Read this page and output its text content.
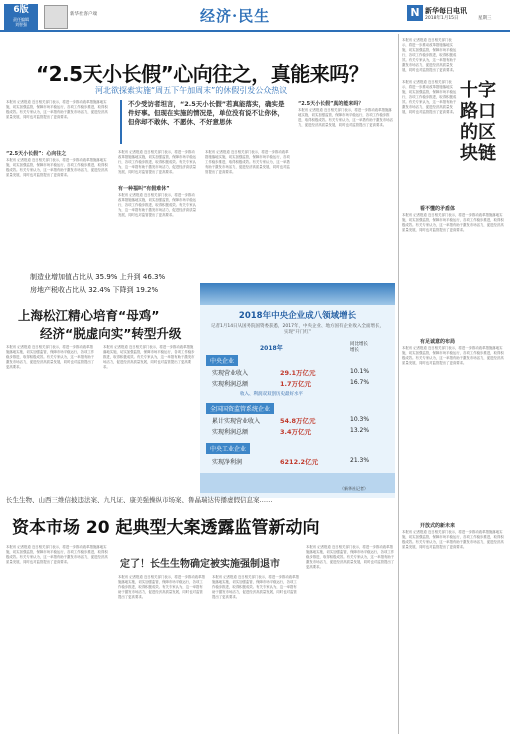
6版
责任编辑
刘智强
新华社客户端	经济·民生	N 新华每日电讯
2018年1月15日	星期三
“2.5天小长假”心向往之，真能来吗？
河北欲探索实施“周五下午加周末”的休假引发公众热议
不少受访者坦言，“2.5天小长假”若真能落实，确实是件好事。但现在实施的情况是，单位没有说不让你休，但你却不敢休、不愿休、不好意思休
本报讯 记者报道 近日相关部门表示，将进一步推动改革措施落地实施，切实加强监管，保障市场平稳运行，各项工作稳步推进，取得积极成效。有关专家认为，这一举措有助于激发市场活力，促进经济高质量发展，同时也对监管提出了更高要求。
“2.5天小长假”：心向往之
本报讯 记者报道 近日相关部门表示，将进一步推动改革措施落地实施，切实加强监管，保障市场平稳运行，各项工作稳步推进，取得积极成效。有关专家认为，这一举措有助于激发市场活力，促进经济高质量发展，同时也对监管提出了更高要求。
本报讯 记者报道 近日相关部门表示，将进一步推动改革措施落地实施，切实加强监管，保障市场平稳运行，各项工作稳步推进，取得积极成效。有关专家认为，这一举措有助于激发市场活力，促进经济高质量发展，同时也对监管提出了更高要求。
有一种福叫“有假难休”
本报讯 记者报道 近日相关部门表示，将进一步推动改革措施落地实施，切实加强监管，保障市场平稳运行，各项工作稳步推进，取得积极成效。有关专家认为，这一举措有助于激发市场活力，促进经济高质量发展，同时也对监管提出了更高要求。
本报讯 记者报道 近日相关部门表示，将进一步推动改革措施落地实施，切实加强监管，保障市场平稳运行，各项工作稳步推进，取得积极成效。有关专家认为，这一举措有助于激发市场活力，促进经济高质量发展，同时也对监管提出了更高要求。
“2.5天小长假”真的能来吗？
本报讯 记者报道 近日相关部门表示，将进一步推动改革措施落地实施，切实加强监管，保障市场平稳运行，各项工作稳步推进，取得积极成效。有关专家认为，这一举措有助于激发市场活力，促进经济高质量发展，同时也对监管提出了更高要求。
制造业增加值占比从 35.9% 上升到 46.3%
房地产税收占比从 32.4% 下降到 19.2%
上海松江精心培育“母鸡”
经济“脱虚向实”转型升级
本报讯 记者报道 近日相关部门表示，将进一步推动改革措施落地实施，切实加强监管，保障市场平稳运行，各项工作稳步推进，取得积极成效。有关专家认为，这一举措有助于激发市场活力，促进经济高质量发展，同时也对监管提出了更高要求。
本报讯 记者报道 近日相关部门表示，将进一步推动改革措施落地实施，切实加强监管，保障市场平稳运行，各项工作稳步推进，取得积极成效。有关专家认为，这一举措有助于激发市场活力，促进经济高质量发展，同时也对监管提出了更高要求。
2018年中央企业成八领域增长
记者1月14日从国务院国资委获悉，2017年，中央企业、地方国有企业收入全面增长，实现“开门红”
2018年
同比增长
增长
中央企业
实现营业收入	29.1万亿元	10.1%
实现利润总额	1.7万亿元	16.7%
收入、利润双双创历史最好水平
全国国资监管系统企业
累计实现营业收入	54.8万亿元	10.3%
实现利润总额	3.4万亿元	13.2%
中央工业企业
实现净利润	6212.2亿元	21.3%
（新华社记者）
长生生物、山西三维信披违法案、九凡证、康美强操纵市场案、鲁晶瑞达传播虚假信息案……
资本市场 20 起典型大案透露监管新动向
定了！长生生物确定被实施强制退市
本报讯 记者报道 近日相关部门表示，将进一步推动改革措施落地实施，切实加强监管，保障市场平稳运行，各项工作稳步推进，取得积极成效。有关专家认为，这一举措有助于激发市场活力，促进经济高质量发展，同时也对监管提出了更高要求。
本报讯 记者报道 近日相关部门表示，将进一步推动改革措施落地实施，切实加强监管，保障市场平稳运行，各项工作稳步推进，取得积极成效。有关专家认为，这一举措有助于激发市场活力，促进经济高质量发展，同时也对监管提出了更高要求。
本报讯 记者报道 近日相关部门表示，将进一步推动改革措施落地实施，切实加强监管，保障市场平稳运行，各项工作稳步推进，取得积极成效。有关专家认为，这一举措有助于激发市场活力，促进经济高质量发展，同时也对监管提出了更高要求。
本报讯 记者报道 近日相关部门表示，将进一步推动改革措施落地实施，切实加强监管，保障市场平稳运行，各项工作稳步推进，取得积极成效。有关专家认为，这一举措有助于激发市场活力，促进经济高质量发展，同时也对监管提出了更高要求。
本报讯 记者报道 近日相关部门表示，将进一步推动改革措施落地实施，切实加强监管，保障市场平稳运行，各项工作稳步推进，取得积极成效。有关专家认为，这一举措有助于激发市场活力，促进经济高质量发展，同时也对监管提出了更高要求。
十字路口的区块链
本报讯 记者报道 近日相关部门表示，将进一步推动改革措施落地实施，切实加强监管，保障市场平稳运行，各项工作稳步推进，取得积极成效。有关专家认为，这一举措有助于激发市场活力，促进经济高质量发展，同时也对监管提出了更高要求。
看不懂的矛盾体
本报讯 记者报道 近日相关部门表示，将进一步推动改革措施落地实施，切实加强监管，保障市场平稳运行，各项工作稳步推进，取得积极成效。有关专家认为，这一举措有助于激发市场活力，促进经济高质量发展，同时也对监管提出了更高要求。
有足诚意的布局
本报讯 记者报道 近日相关部门表示，将进一步推动改革措施落地实施，切实加强监管，保障市场平稳运行，各项工作稳步推进，取得积极成效。有关专家认为，这一举措有助于激发市场活力，促进经济高质量发展，同时也对监管提出了更高要求。
开放式的新未来
本报讯 记者报道 近日相关部门表示，将进一步推动改革措施落地实施，切实加强监管，保障市场平稳运行，各项工作稳步推进，取得积极成效。有关专家认为，这一举措有助于激发市场活力，促进经济高质量发展，同时也对监管提出了更高要求。
